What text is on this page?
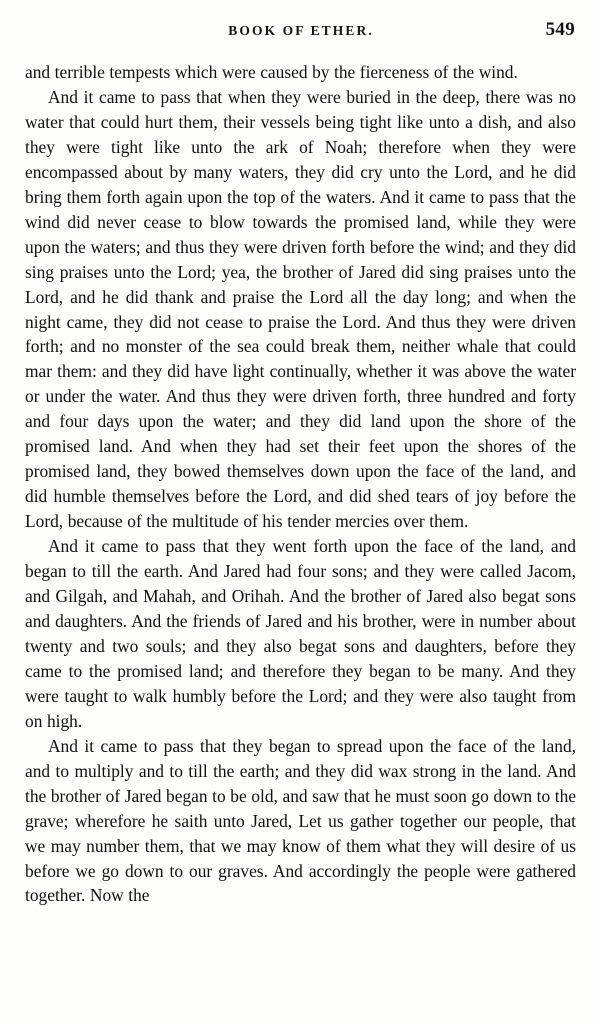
BOOK OF ETHER.	549

and terrible tempests which were caused by the fierceness of the wind.

And it came to pass that when they were buried in the deep, there was no water that could hurt them, their vessels being tight like unto a dish, and also they were tight like unto the ark of Noah; therefore when they were encompassed about by many waters, they did cry unto the Lord, and he did bring them forth again upon the top of the waters. And it came to pass that the wind did never cease to blow towards the promised land, while they were upon the waters; and thus they were driven forth before the wind; and they did sing praises unto the Lord; yea, the brother of Jared did sing praises unto the Lord, and he did thank and praise the Lord all the day long; and when the night came, they did not cease to praise the Lord. And thus they were driven forth; and no monster of the sea could break them, neither whale that could mar them: and they did have light continually, whether it was above the water or under the water. And thus they were driven forth, three hundred and forty and four days upon the water; and they did land upon the shore of the promised land. And when they had set their feet upon the shores of the promised land, they bowed themselves down upon the face of the land, and did humble themselves before the Lord, and did shed tears of joy before the Lord, because of the multitude of his tender mercies over them.

And it came to pass that they went forth upon the face of the land, and began to till the earth. And Jared had four sons; and they were called Jacom, and Gilgah, and Mahah, and Orihah. And the brother of Jared also begat sons and daughters. And the friends of Jared and his brother, were in number about twenty and two souls; and they also begat sons and daughters, before they came to the promised land; and therefore they began to be many. And they were taught to walk humbly before the Lord; and they were also taught from on high.

And it came to pass that they began to spread upon the face of the land, and to multiply and to till the earth; and they did wax strong in the land. And the brother of Jared began to be old, and saw that he must soon go down to the grave; wherefore he saith unto Jared, Let us gather together our people, that we may number them, that we may know of them what they will desire of us before we go down to our graves. And accordingly the people were gathered together. Now the
